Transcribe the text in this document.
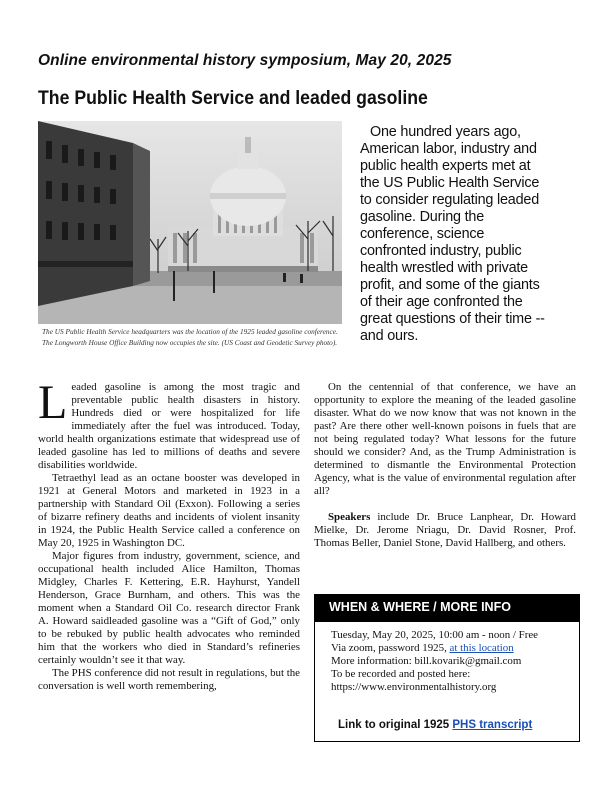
Online environmental history symposium, May 20, 2025
The Public Health Service and leaded gasoline
The US Public Health Service headquarters was the location of the 1925 leaded gasoline conference. The Longworth House Office Building now occupies the site. (US Coast and Geodetic Survey photo).
One hundred years ago, American labor, industry and public health experts met at the US Public Health Service to consider regulating leaded gasoline. During the conference, science confronted industry, public health wrestled with private profit, and some of the giants of their age confronted the great questions of their time -- and ours.

Leaded gasoline is among the most tragic and preventable public health disasters in history. Hundreds died or were hospitalized for life immediately after the fuel was introduced. Today, world health organizations estimate that widespread use of leaded gasoline has led to millions of deaths and severe disabilities worldwide.

Tetraethyl lead as an octane booster was developed in 1921 at General Motors and marketed in 1923 in a partnership with Standard Oil (Exxon). Following a series of bizarre refinery deaths and incidents of violent insanity in 1924, the Public Health Service called a conference on May 20, 1925 in Washington DC.

Major figures from industry, government, science, and occupational health included Alice Hamilton, Thomas Midgley, Charles F. Kettering, E.R. Hayhurst, Yandell Henderson, Grace Burnham, and others. This was the moment when a Standard Oil Co. research director Frank A. Howard saidleaded gasoline was a “Gift of God,” only to be rebuked by public health advocates who reminded him that the workers who died in Standard’s refineries certainly wouldn’t see it that way.

The PHS conference did not result in regulations, but the conversation is well worth remembering,

On the centennial of that conference, we have an opportunity to explore the meaning of the leaded gasoline disaster. What do we now know that was not known in the past? Are there other well-known poisons in fuels that are not being regulated today? What lessons for the future should we consider? And, as the Trump Administration is determined to dismantle the Environmental Protection Agency, what is the value of environmental regulation after all?

Speakers include Dr. Bruce Lanphear, Dr. Howard Mielke, Dr. Jerome Nriagu, Dr. David Rosner, Prof. Thomas Beller, Daniel Stone, David Hallberg, and others.

WHEN & WHERE / MORE INFO
Tuesday, May 20, 2025, 10:00 am - noon / Free
Via zoom, password 1925, at this location
More information: bill.kovarik@gmail.com
To be recorded and posted here:
https://www.environmentalhistory.org
Link to original 1925 PHS transcript
